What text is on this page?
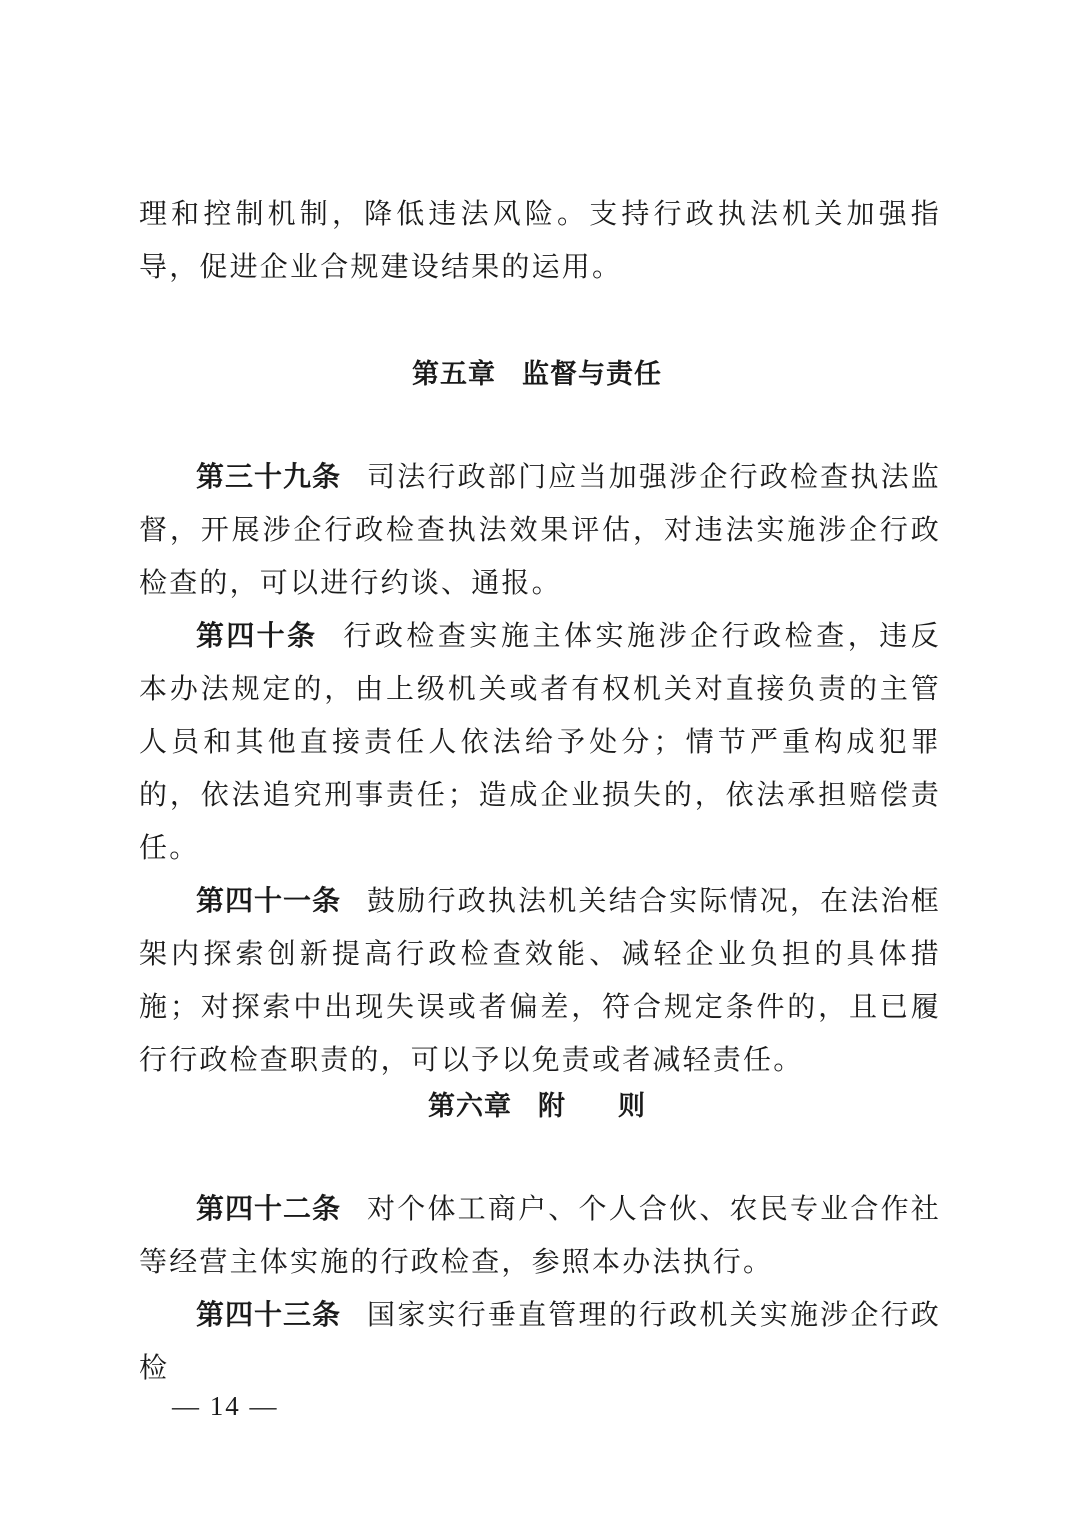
理和控制机制，降低违法风险。支持行政执法机关加强指导，促进企业合规建设结果的运用。

第五章 监督与责任

第三十九条 司法行政部门应当加强涉企行政检查执法监督，开展涉企行政检查执法效果评估，对违法实施涉企行政检查的，可以进行约谈、通报。

第四十条 行政检查实施主体实施涉企行政检查，违反本办法规定的，由上级机关或者有权机关对直接负责的主管人员和其他直接责任人依法给予处分；情节严重构成犯罪的，依法追究刑事责任；造成企业损失的，依法承担赔偿责任。

第四十一条 鼓励行政执法机关结合实际情况，在法治框架内探索创新提高行政检查效能、减轻企业负担的具体措施；对探索中出现失误或者偏差，符合规定条件的，且已履行行政检查职责的，可以予以免责或者减轻责任。

第六章 附 则

第四十二条 对个体工商户、个人合伙、农民专业合作社等经营主体实施的行政检查，参照本办法执行。

第四十三条 国家实行垂直管理的行政机关实施涉企行政检

— 14 —
